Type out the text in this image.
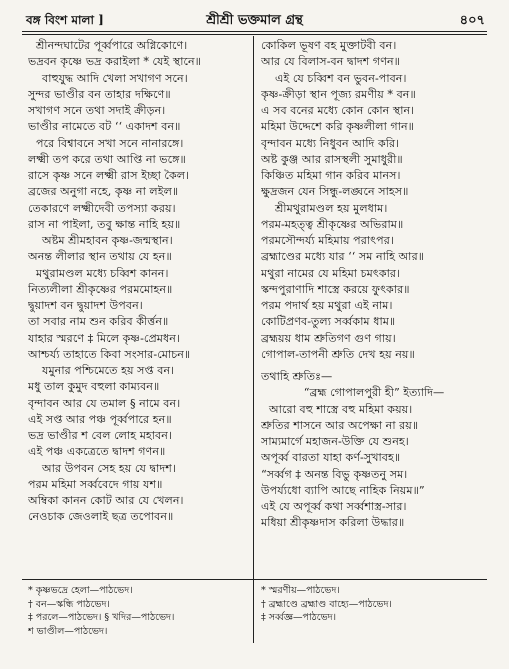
বঙ্গ বিংশ মালা ]	শ্রীশ্রী ভক্তমাল গ্রন্থ	৪০৭
শ্রীনন্দঘাটের পূর্ব্বপারে অগ্নিকোণে।
ভদ্রবন কৃষ্ণে ভদ্র করাইলা * যেই স্থানে॥
বাহুযুদ্ধ আদি খেলা সখাগণ সনে।
সুন্দর ভাণ্ডীর বন তাহার দক্ষিণে॥
সখাগণ সনে তথা সদাই ক্রীড়ন।
ভাণ্ডীর নামেতে বট ‘‘ একাদশ বন॥
পরে বিশ্বাবনে সখা সনে নানারঙ্গে।
লক্ষ্মী তপ করে তথা আপ্তি না ভঙ্গে॥
রাসে কৃষ্ণ সনে লক্ষ্মী রাস ইচ্ছা কৈল।
ব্রজের অনুগা নহে, কৃষ্ণ না লইল॥
তেকারণে লক্ষ্মীদেবী তপস্যা করয়।
রাস না পাইলা, তবু ক্ষান্ত নাহি হয়॥
অষ্টম শ্রীমহাবন কৃষ্ণ-জন্মস্থান।
অনন্ত লীলার স্থান তথায় যে হন॥
মথুরামণ্ডল মধ্যে চব্বিশ কানন।
নিত্যলীলা শ্রীকৃষ্ণের পরমমোহন॥
দ্বুয়াদশ বন দ্বুয়াদশ উপবন।
তা সবার নাম শুন করিব কীর্ত্তন॥
যাহার স্মরণে ‡ মিলে কৃষ্ণ-প্রেমধন।
আশ্চর্য্য তাহাতে কিবা সংসার-মোচন॥
যমুনার পশ্চিমেতে হয় সপ্ত বন।
মধু তাল কুমুদ বহুলা কাম্যবন॥
বৃন্দাবন আর যে তমাল § নামে বন।
এই সপ্ত আর পঞ্চ পূর্ব্বপারে হন॥
ভদ্র ভাণ্ডীর শ বেল লোহ মহাবন।
এই পঞ্চ একত্রেতে দ্বাদশ গণন॥
আর উপবন সেহ হয় যে দ্বাদশ।
পরম মহিমা সর্ব্ববেদে গায় যশ॥
অম্বিকা কানন কোট আর যে খেলন।
নেওচাক জেওলাই ছত্র তপোবন॥
কোকিল ভূষণ বহ মুক্তাটবী বন।
আর যে বিলাস-বন দ্বাদশ গণন॥
এই যে চব্বিশ বন ভুবন-পাবন।
কৃষ্ণ-ক্রীড়া স্থান পূজ্য রমণীয় * বন॥
এ সব বনের মধ্যে কোন কোন স্থান।
মহিমা উদ্দেশে করি কৃষ্ণলীলা গান॥
বৃন্দাবন মধ্যে নিধুবন আদি করি।
অষ্ট কুঞ্জ আর রাসস্থলী সুমাধুরী॥
কিঞ্চিত মহিমা গান করিব মানস।
ক্ষুদ্রজন যেন সিন্ধু-লঙ্ঘনে সাহস॥
শ্রীমথুরামণ্ডল হয় মুলধাম।
পরম-মহত্ত্ব শ্রীকৃষ্ণের অভিরাম॥
পরমসৌন্দর্য্য মহিমায় পরাৎপর।
ব্রহ্মাণ্ডের মধ্যে যার ‘‘ সম নাহি আর॥
মথুরা নামের যে মহিমা চমৎকার।
স্কন্দপুরাণাদি শাস্ত্রে করয়ে ফুৎকার॥
পরম পদার্থ হয় মথুরা এই নাম।
কোটিপ্রণব-তুল্য সর্ব্বকাম ধাম॥
ব্রহ্ময়য় ধাম শ্রুতিগণ গুণ গায়।
গোপাল-তাপনী শ্রুতি দেখ হয় নয়॥
তথাহি শ্রুতিঃ—
“ব্রহ্ম গোপালপুরী হী” ইত্যাদি—
আরো বহু শাস্ত্রে বহু মহিমা কয়য়।
শ্রুতির শাসনে আর অপেক্ষা না রয়॥
সাম্যমার্গে মহাজন-উক্তি যে শুনহ।
অপূর্ব্ব বারতা যাহা কর্ণ-সুখাবহ॥
“সর্ব্বগ ‡ অনন্ত বিভু কৃষ্ণতনু সম।
উপর্য্যধো ব্যাপি আছে নাহিক নিয়ম॥”
এই যে অপূর্ব্ব কথা সর্ব্বশাস্ত্র-সার।
মধিয়া শ্রীকৃষ্ণদাস করিলা উদ্ধার॥
* কৃষ্ণভদ্রে হেলা—পাঠভেদ।
† বন—স্কন্ধি পাঠভেদ।
‡ পরলে—পাঠভেদ। § খদির—পাঠভেদ।
শ ভাণ্ডীল—পাঠভেদ।
* স্মরণীয়—পাঠভেদ।
† ব্রহ্মাণ্ডে ব্রহ্মাণ্ড বাহ্যে—পাঠভেদ।
‡ সর্ব্বজ্ঞ—পাঠভেদ।
